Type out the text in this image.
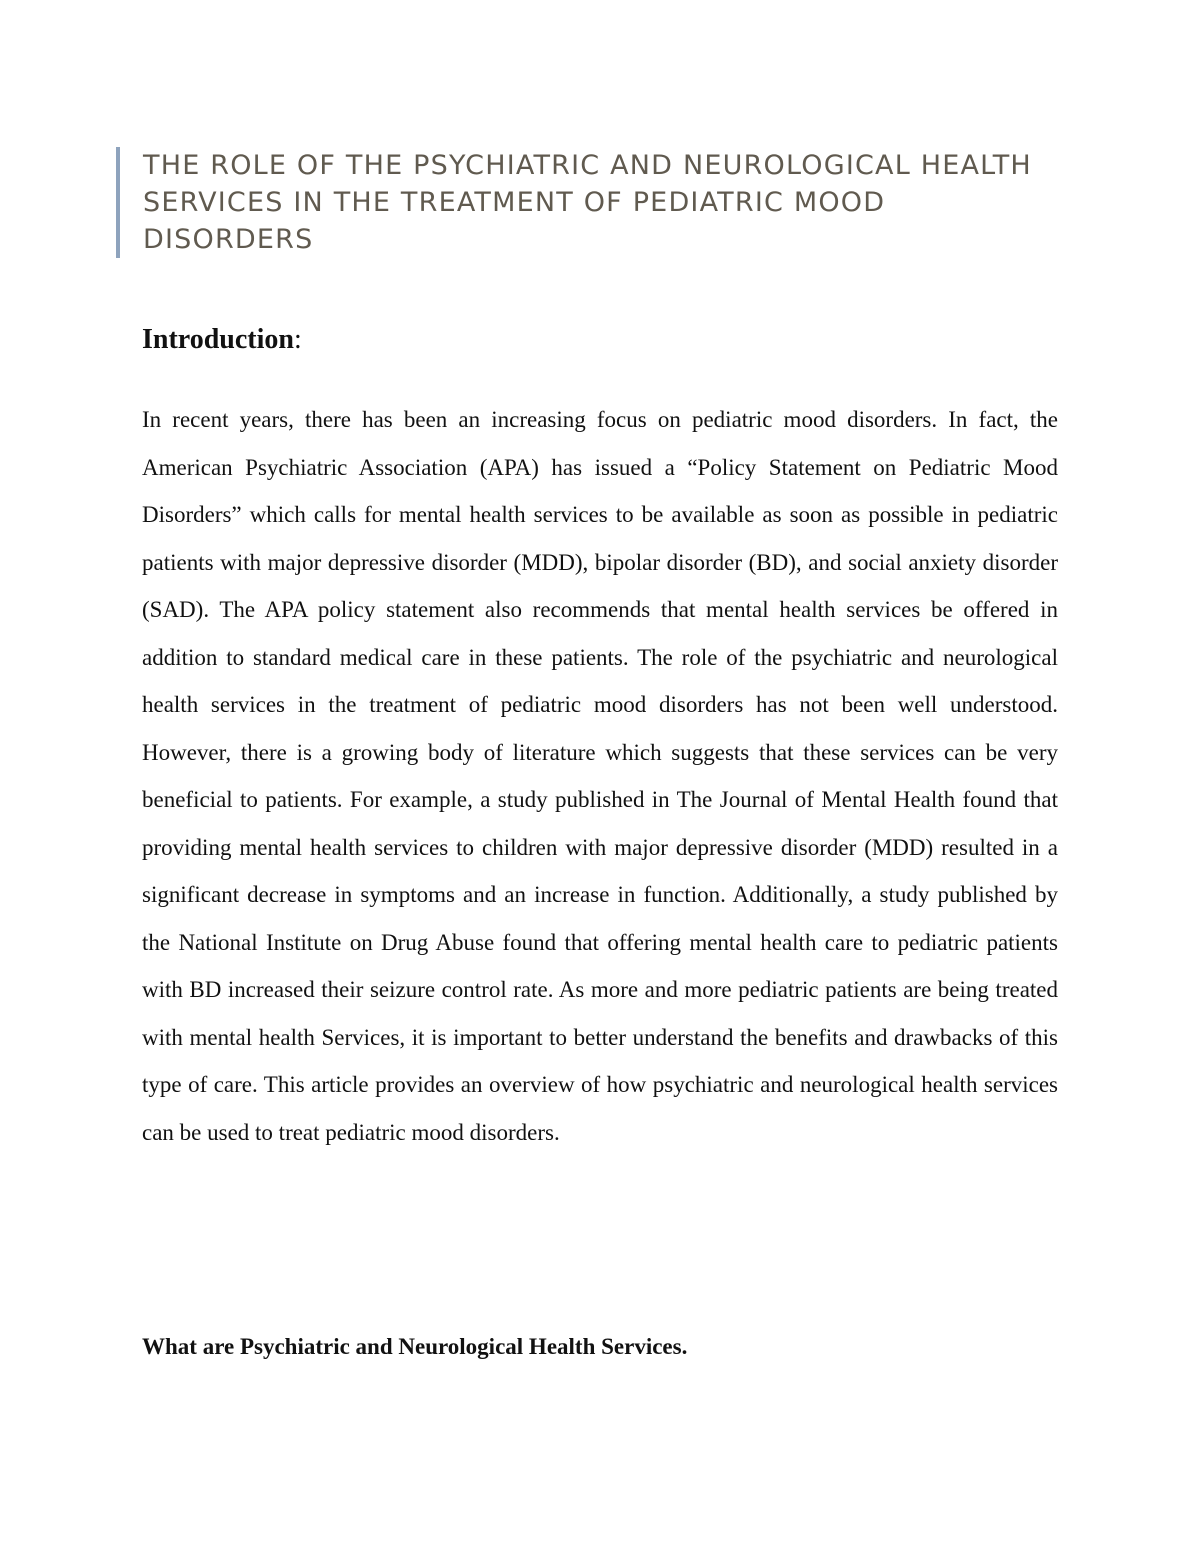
THE ROLE OF THE PSYCHIATRIC AND NEUROLOGICAL HEALTH SERVICES IN THE TREATMENT OF PEDIATRIC MOOD DISORDERS
Introduction:

In recent years, there has been an increasing focus on pediatric mood disorders. In fact, the American Psychiatric Association (APA) has issued a “Policy Statement on Pediatric Mood Disorders” which calls for mental health services to be available as soon as possible in pediatric patients with major depressive disorder (MDD), bipolar disorder (BD), and social anxiety disorder (SAD). The APA policy statement also recommends that mental health services be offered in addition to standard medical care in these patients. The role of the psychiatric and neurological health services in the treatment of pediatric mood disorders has not been well understood. However, there is a growing body of literature which suggests that these services can be very beneficial to patients. For example, a study published in The Journal of Mental Health found that providing mental health services to children with major depressive disorder (MDD) resulted in a significant decrease in symptoms and an increase in function. Additionally, a study published by the National Institute on Drug Abuse found that offering mental health care to pediatric patients with BD increased their seizure control rate. As more and more pediatric patients are being treated with mental health Services, it is important to better understand the benefits and drawbacks of this type of care. This article provides an overview of how psychiatric and neurological health services can be used to treat pediatric mood disorders.

What are Psychiatric and Neurological Health Services.
